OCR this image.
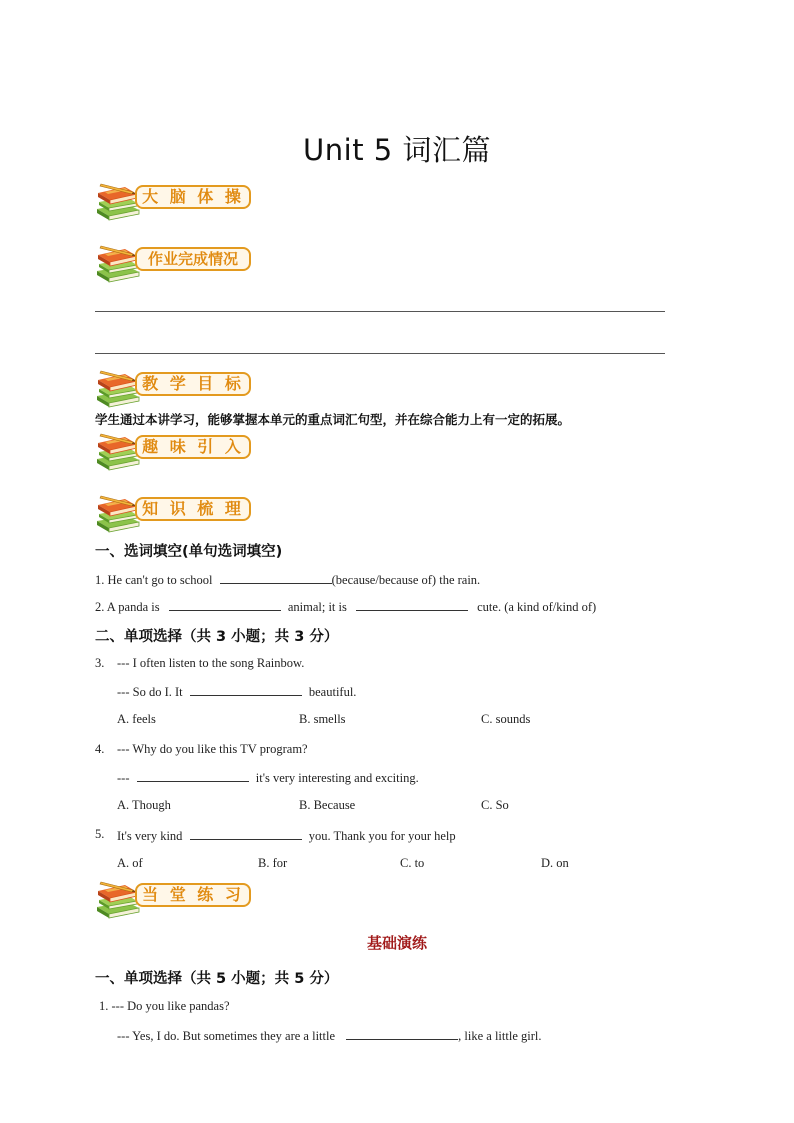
Unit 5 词汇篇
大 脑 体 操
作业完成情况
教 学 目 标
学生通过本讲学习，能够掌握本单元的重点词汇句型，并在综合能力上有一定的拓展。
趣 味 引 入
知 识 梳 理
一、选词填空(单句选词填空)
1. He can't go to school	(because/because of) the rain.
2. A panda is	animal; it is	cute. (a kind of/kind of)
二、单项选择（共 3 小题；共 3 分）
3. --- I often listen to the song Rainbow.
--- So do I. It	beautiful.
A. feels	B. smells	C. sounds
4. --- Why do you like this TV program?
---	it's very interesting and exciting.
A. Though	B. Because	C. So
5. It's very kind	you. Thank you for your help
A. of	B. for	C. to	D. on
当 堂 练 习
基础演练
一、单项选择（共 5 小题；共 5 分）
1. --- Do you like pandas?
--- Yes, I do. But sometimes they are a little	, like a little girl.
